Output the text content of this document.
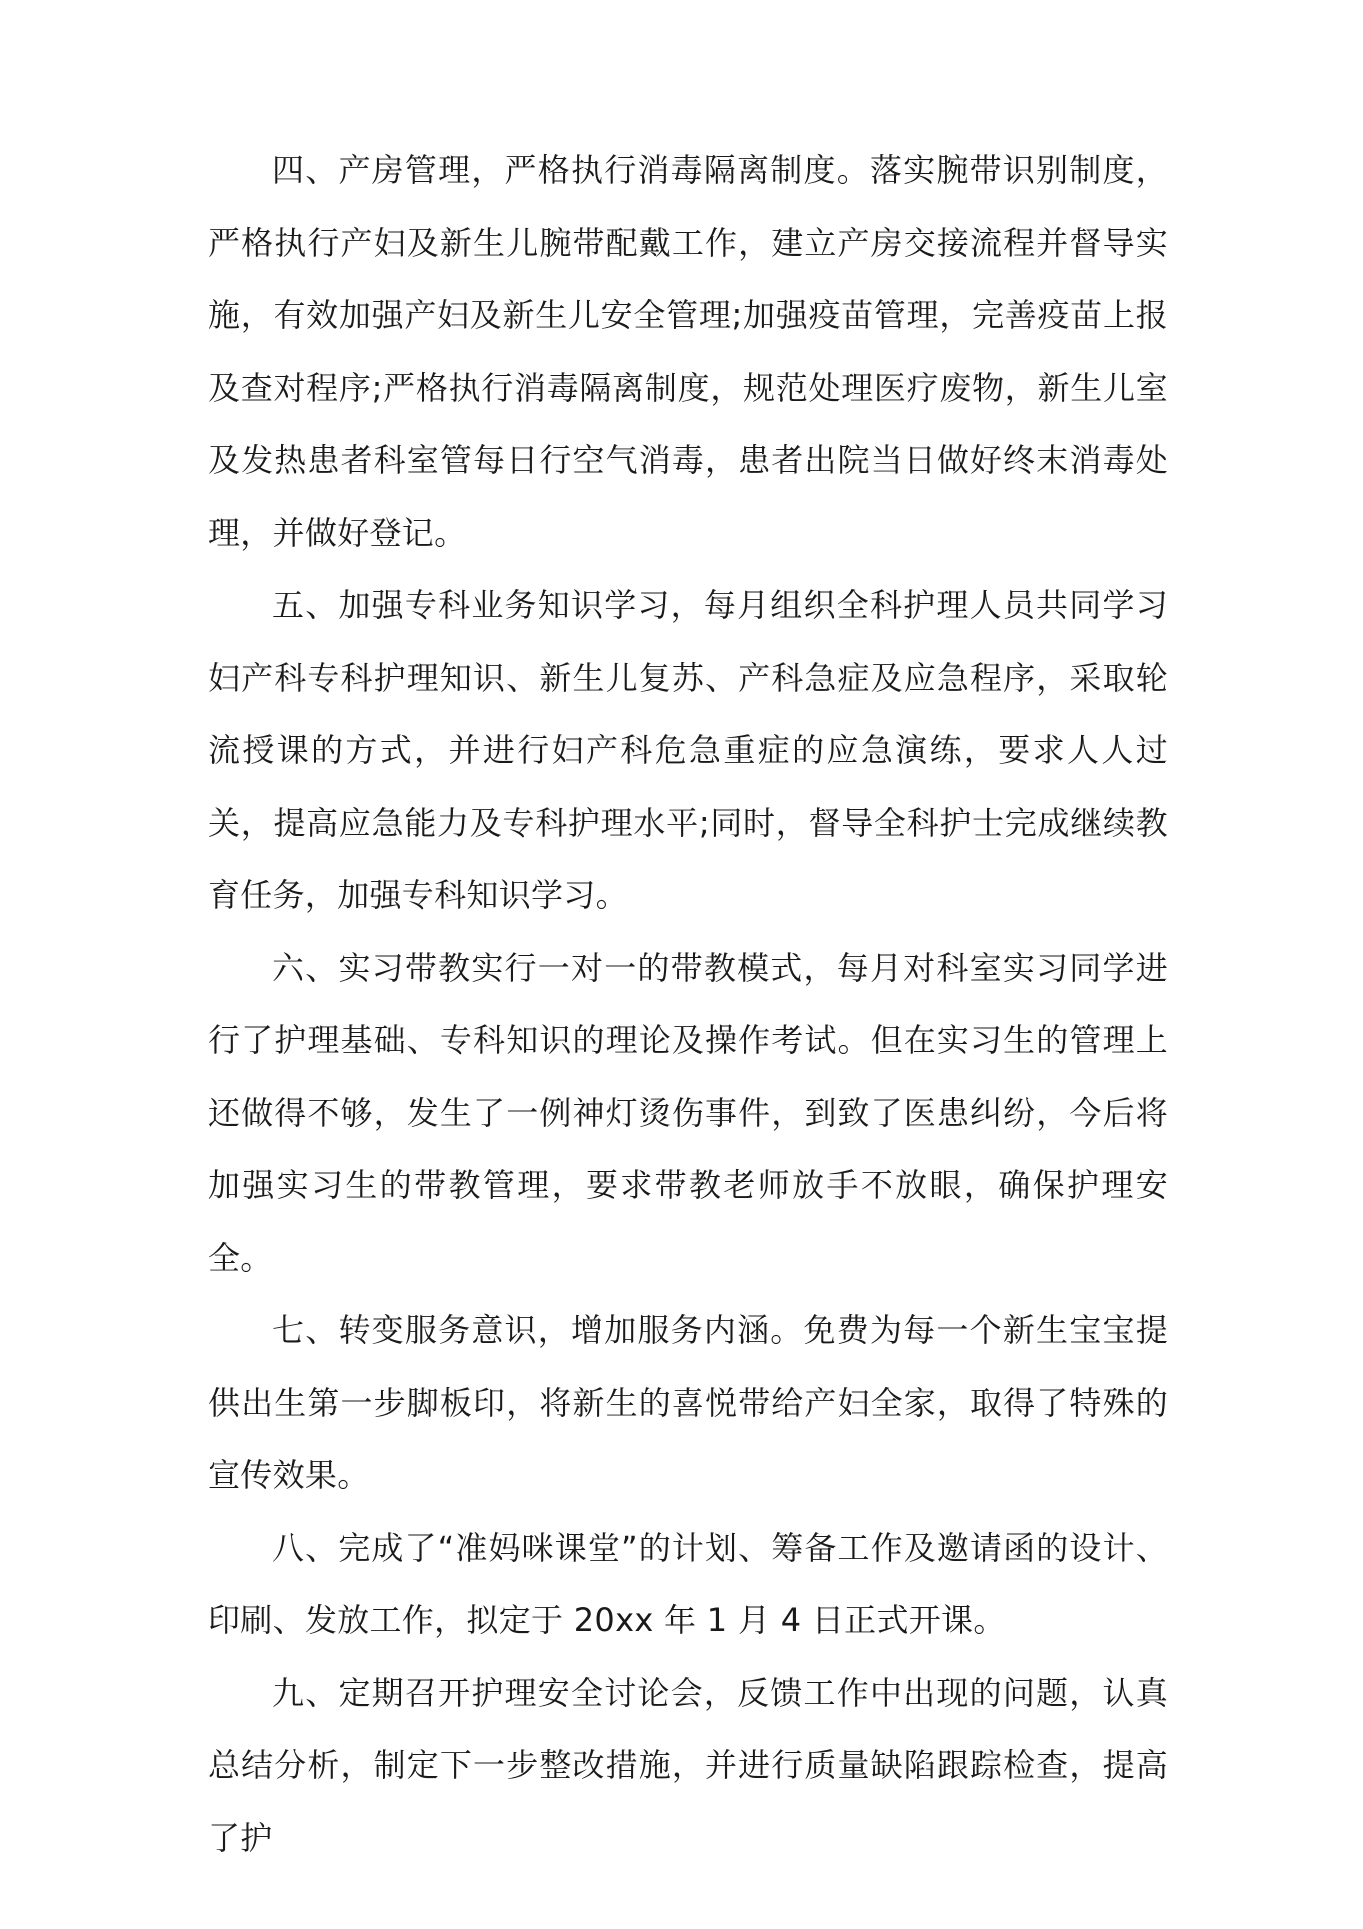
四、产房管理，严格执行消毒隔离制度。落实腕带识别制度，严格执行产妇及新生儿腕带配戴工作，建立产房交接流程并督导实施，有效加强产妇及新生儿安全管理;加强疫苗管理，完善疫苗上报及查对程序;严格执行消毒隔离制度，规范处理医疗废物，新生儿室及发热患者科室管每日行空气消毒，患者出院当日做好终末消毒处理，并做好登记。

五、加强专科业务知识学习，每月组织全科护理人员共同学习妇产科专科护理知识、新生儿复苏、产科急症及应急程序，采取轮流授课的方式，并进行妇产科危急重症的应急演练，要求人人过关，提高应急能力及专科护理水平;同时，督导全科护士完成继续教育任务，加强专科知识学习。

六、实习带教实行一对一的带教模式，每月对科室实习同学进行了护理基础、专科知识的理论及操作考试。但在实习生的管理上还做得不够，发生了一例神灯烫伤事件，到致了医患纠纷，今后将加强实习生的带教管理，要求带教老师放手不放眼，确保护理安全。

七、转变服务意识，增加服务内涵。免费为每一个新生宝宝提供出生第一步脚板印，将新生的喜悦带给产妇全家，取得了特殊的宣传效果。

八、完成了“准妈咪课堂”的计划、筹备工作及邀请函的设计、印刷、发放工作，拟定于 20xx 年 1 月 4 日正式开课。

九、定期召开护理安全讨论会，反馈工作中出现的问题，认真总结分析，制定下一步整改措施，并进行质量缺陷跟踪检查，提高了护
